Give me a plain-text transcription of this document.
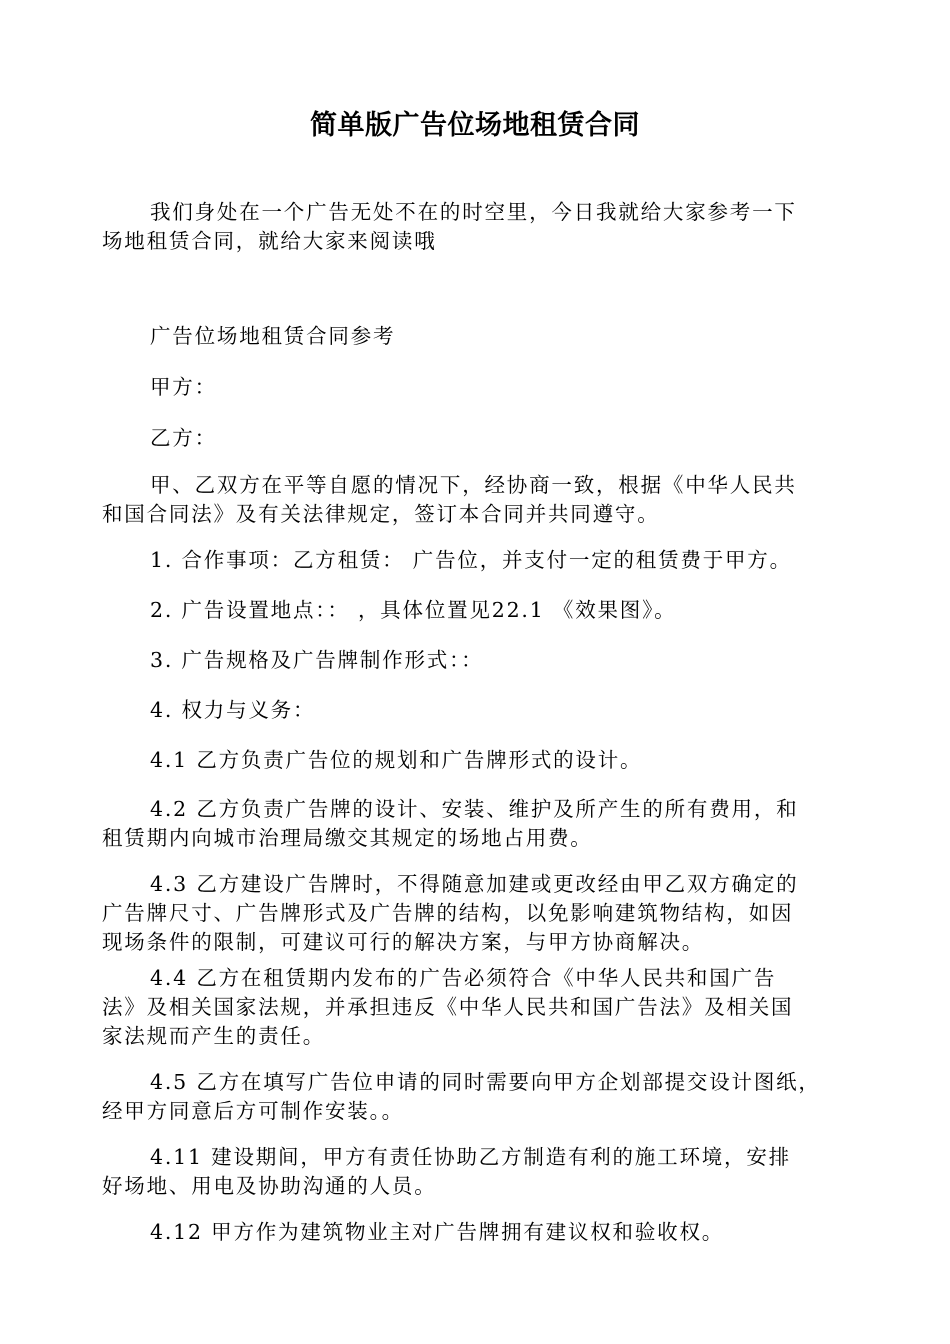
简单版广告位场地租赁合同
我们身处在一个广告无处不在的时空里，今日我就给大家参考一下
场地租赁合同，就给大家来阅读哦
广告位场地租赁合同参考
甲方：
乙方：
甲、乙双方在平等自愿的情况下，经协商一致，根据《中华人民共
和国合同法》及有关法律规定，签订本合同并共同遵守。
1. 合作事项：乙方租赁： 广告位，并支付一定的租赁费于甲方。
2. 广告设置地点：： ，具体位置见22.1 《效果图》。
3. 广告规格及广告牌制作形式：：
4. 权力与义务：
4.1 乙方负责广告位的规划和广告牌形式的设计。
4.2 乙方负责广告牌的设计、安装、维护及所产生的所有费用，和
租赁期内向城市治理局缴交其规定的场地占用费。
4.3 乙方建设广告牌时，不得随意加建或更改经由甲乙双方确定的
广告牌尺寸、广告牌形式及广告牌的结构，以免影响建筑物结构，如因
现场条件的限制，可建议可行的解决方案，与甲方协商解决。
4.4 乙方在租赁期内发布的广告必须符合《中华人民共和国广告
法》及相关国家法规，并承担违反《中华人民共和国广告法》及相关国
家法规而产生的责任。
4.5 乙方在填写广告位申请的同时需要向甲方企划部提交设计图纸，
经甲方同意后方可制作安装。。
4.11 建设期间，甲方有责任协助乙方制造有利的施工环境，安排
好场地、用电及协助沟通的人员。
4.12 甲方作为建筑物业主对广告牌拥有建议权和验收权。
